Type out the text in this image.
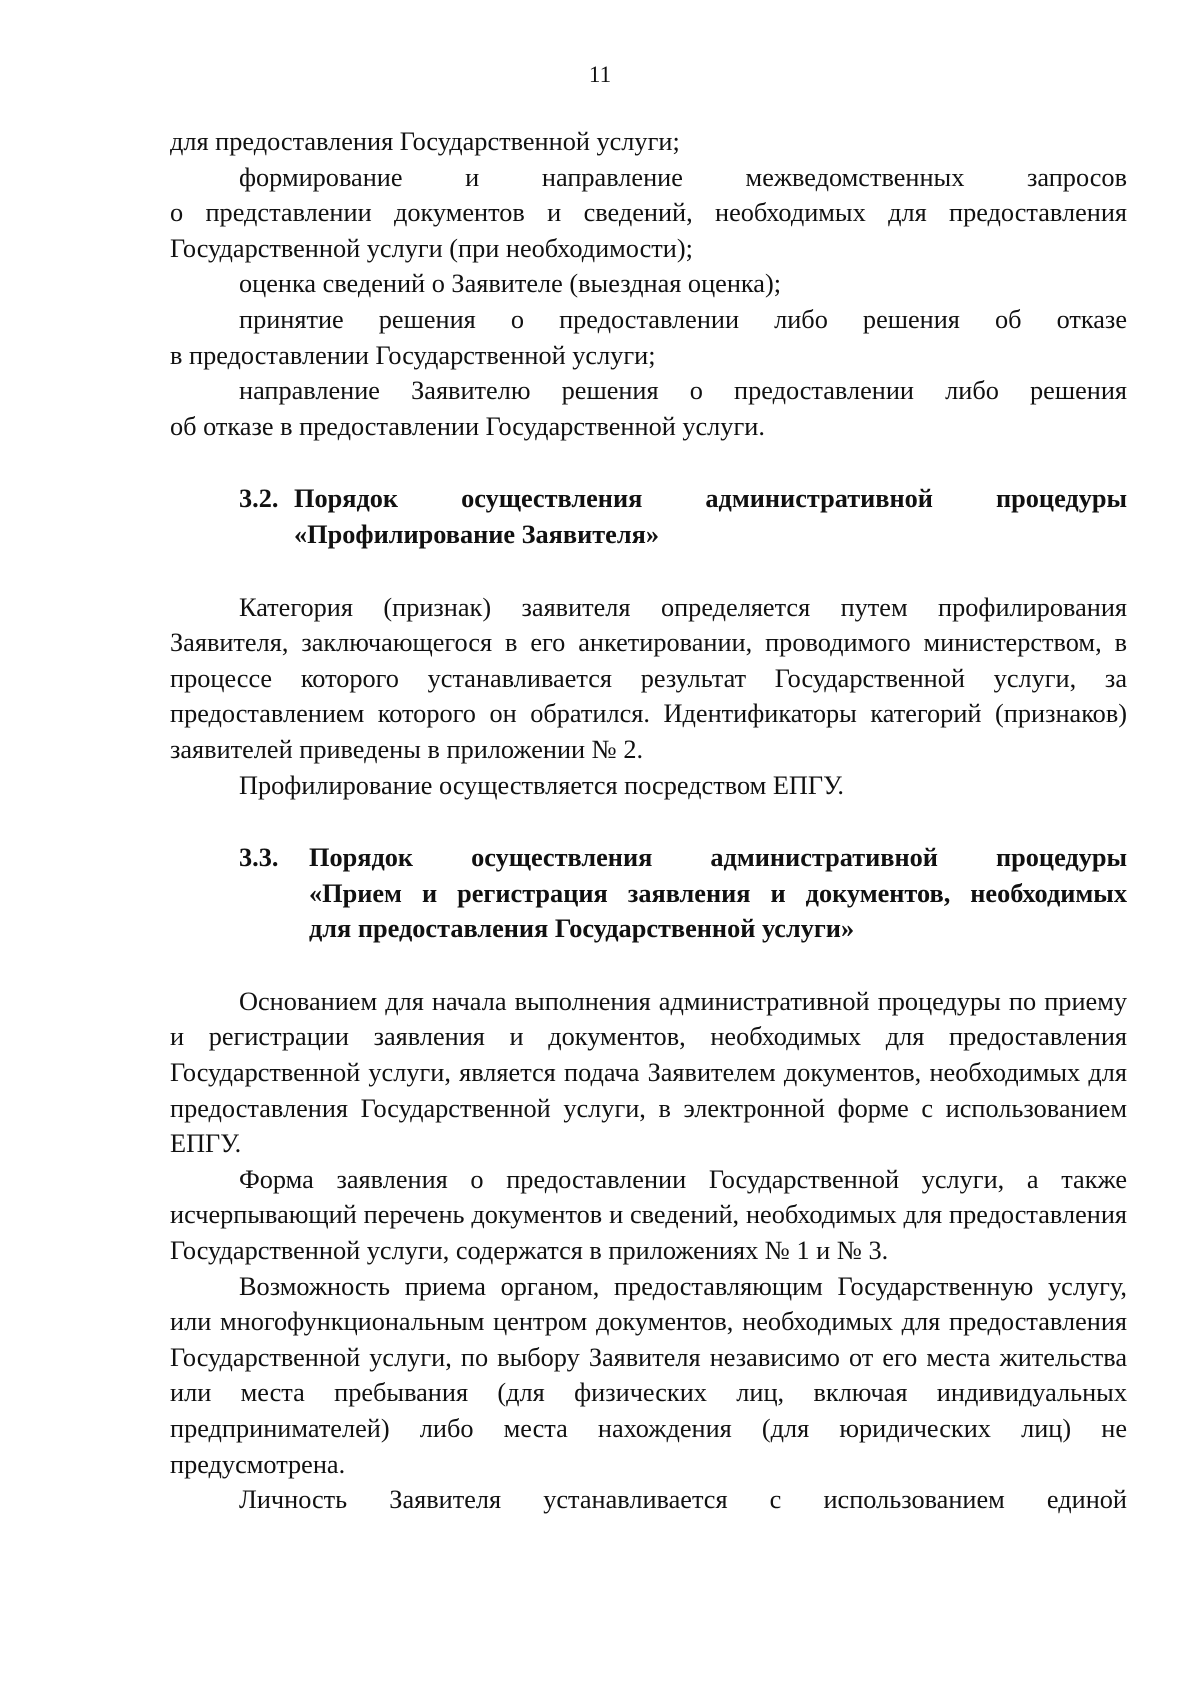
11

для предоставления Государственной услуги;

формирование и направление межведомственных запросов

о представлении документов и сведений, необходимых для предоставления

Государственной услуги (при необходимости);

оценка сведений о Заявителе (выездная оценка);

принятие решения о предоставлении либо решения об отказе

в предоставлении Государственной услуги;

направление Заявителю решения о предоставлении либо решения

об отказе в предоставлении Государственной услуги.

3.2. Порядок осуществления административной процедуры
«Профилирование Заявителя»

Категория (признак) заявителя определяется путем профилирования Заявителя, заключающегося в его анкетировании, проводимого министерством, в процессе которого устанавливается результат Государственной услуги, за предоставлением которого он обратился. Идентификаторы категорий (признаков) заявителей приведены в приложении № 2.

Профилирование осуществляется посредством ЕПГУ.

3.3. Порядок осуществления административной процедуры
«Прием и регистрация заявления и документов, необходимых
для предоставления Государственной услуги»

Основанием для начала выполнения административной процедуры по приему и регистрации заявления и документов, необходимых для предоставления Государственной услуги, является подача Заявителем документов, необходимых для предоставления Государственной услуги, в электронной форме с использованием ЕПГУ.

Форма заявления о предоставлении Государственной услуги, а также исчерпывающий перечень документов и сведений, необходимых для предоставления Государственной услуги, содержатся в приложениях № 1 и № 3.

Возможность приема органом, предоставляющим Государственную услугу, или многофункциональным центром документов, необходимых для предоставления Государственной услуги, по выбору Заявителя независимо от его места жительства или места пребывания (для физических лиц, включая индивидуальных предпринимателей) либо места нахождения (для юридических лиц) не предусмотрена.

Личность Заявителя устанавливается с использованием единой
